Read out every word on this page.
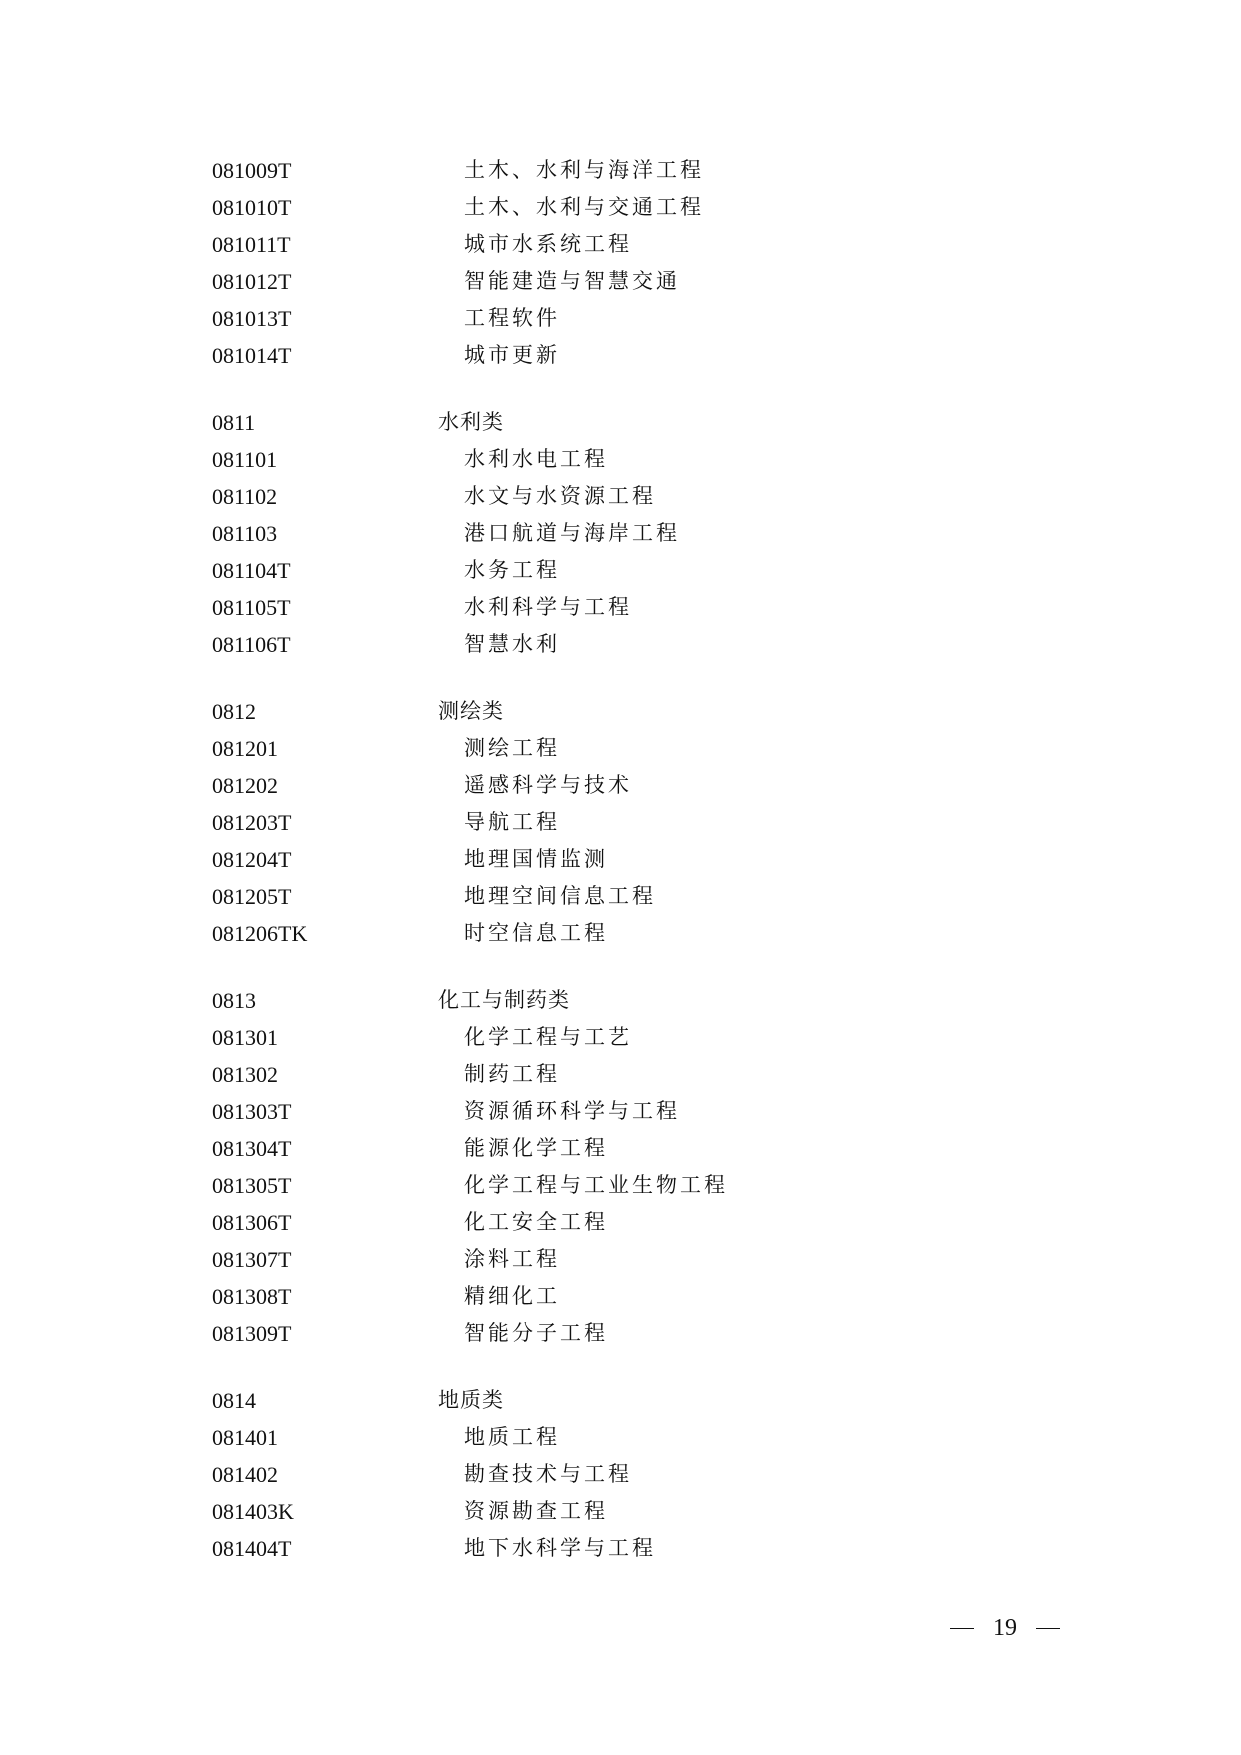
081009T	土木、水利与海洋工程
081010T	土木、水利与交通工程
081011T	城市水系统工程
081012T	智能建造与智慧交通
081013T	工程软件
081014T	城市更新
0811	水利类
081101	水利水电工程
081102	水文与水资源工程
081103	港口航道与海岸工程
081104T	水务工程
081105T	水利科学与工程
081106T	智慧水利
0812	测绘类
081201	测绘工程
081202	遥感科学与技术
081203T	导航工程
081204T	地理国情监测
081205T	地理空间信息工程
081206TK	时空信息工程
0813	化工与制药类
081301	化学工程与工艺
081302	制药工程
081303T	资源循环科学与工程
081304T	能源化学工程
081305T	化学工程与工业生物工程
081306T	化工安全工程
081307T	涂料工程
081308T	精细化工
081309T	智能分子工程
0814	地质类
081401	地质工程
081402	勘查技术与工程
081403K	资源勘查工程
081404T	地下水科学与工程
19
